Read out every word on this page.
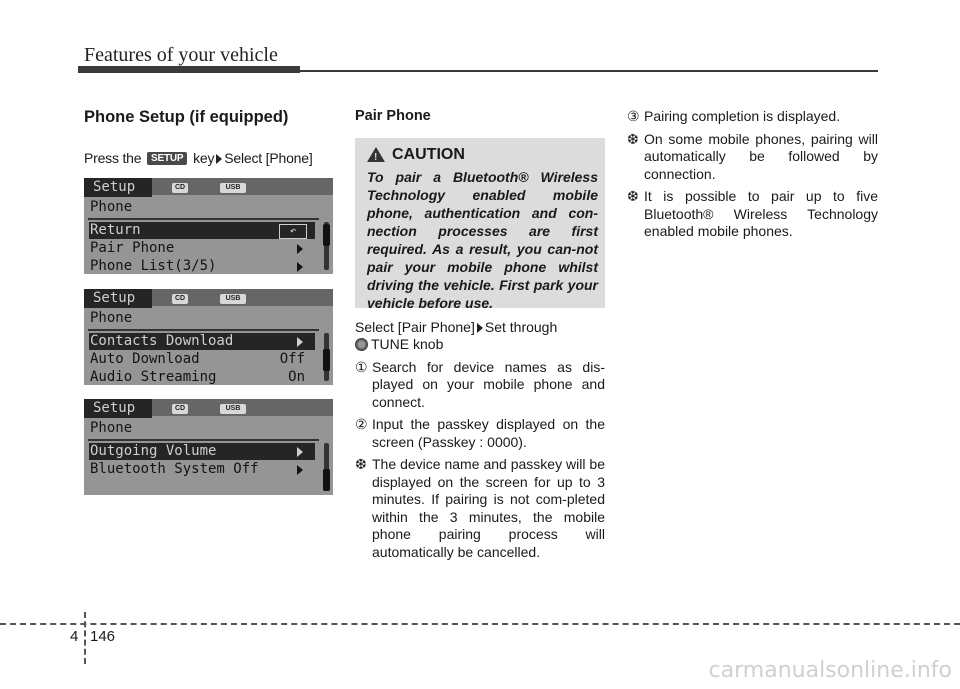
Features of your vehicle
Phone Setup (if equipped)
Press the SETUP key Select [Phone]
Setup	CD	USB
Phone
Return	↶
Pair Phone
Phone List(3/5)
Setup	CD	USB
Phone
Contacts Download
Auto Download	Off
Audio Streaming	On
Setup	CD	USB
Phone
Outgoing Volume
Bluetooth System Off
Pair Phone
!
CAUTION
To pair a Bluetooth® Wireless Technology enabled mobile phone, authentication and con-nection processes are first required. As a result, you can-not pair your mobile phone whilst driving the vehicle. First park your vehicle before use.
Select [Pair Phone] Set through
TUNE knob
① Search for device names as dis-played on your mobile phone and connect.
② Input the passkey displayed on the screen (Passkey : 0000).
❆ The device name and passkey will be displayed on the screen for up to 3 minutes. If pairing is not com-pleted within the 3 minutes, the mobile phone pairing process will automatically be cancelled.
③ Pairing completion is displayed.
❆ On some mobile phones, pairing will automatically be followed by connection.
❆ It is possible to pair up to five Bluetooth® Wireless Technology enabled mobile phones.
4 146
carmanualsonline.info
